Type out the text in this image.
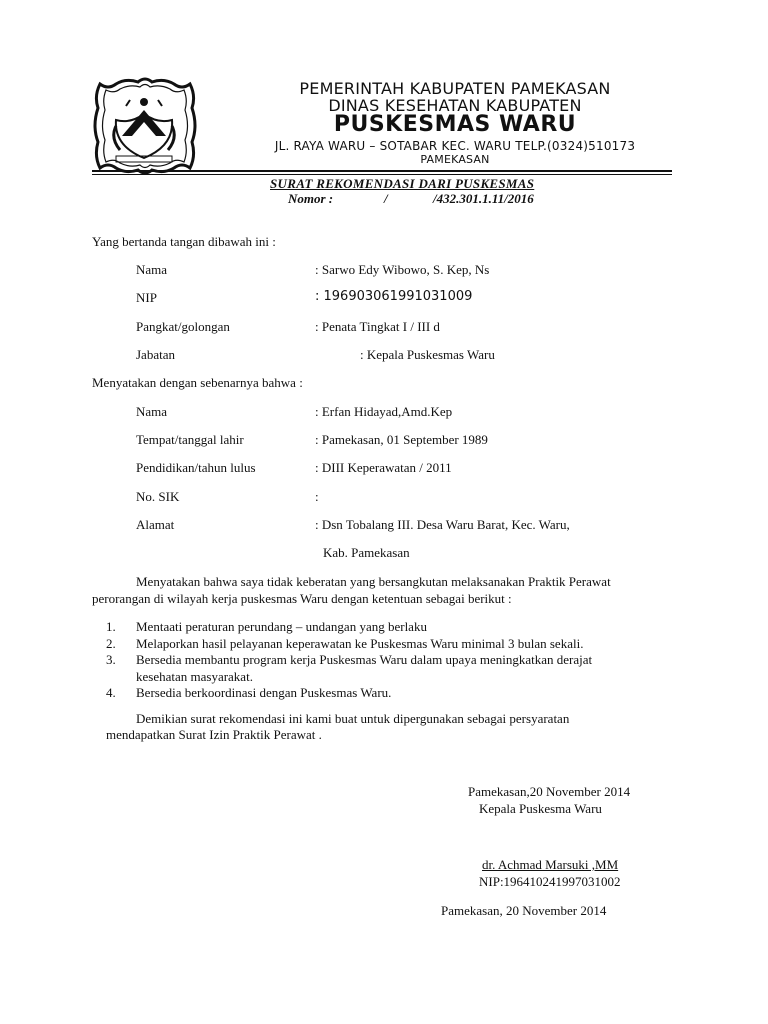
PEMERINTAH KABUPATEN PAMEKASAN
DINAS KESEHATAN KABUPATEN
PUSKESMAS WARU
JL. RAYA WARU – SOTABAR KEC. WARU TELP.(0324)510173
PAMEKASAN
SURAT REKOMENDASI DARI PUSKESMAS
Nomor :	/	/432.301.1.11/2016
Yang bertanda tangan dibawah ini :
Nama	: Sarwo Edy Wibowo, S. Kep, Ns
NIP	: 196903061991031009
Pangkat/golongan	: Penata Tingkat I / III d
Jabatan	: Kepala Puskesmas Waru
Menyatakan dengan sebenarnya bahwa :
Nama	: Erfan Hidayad,Amd.Kep
Tempat/tanggal lahir	: Pamekasan, 01 September 1989
Pendidikan/tahun lulus	: DIII Keperawatan / 2011
No. SIK	:
Alamat	: Dsn Tobalang III. Desa Waru Barat, Kec. Waru,
Kab. Pamekasan
Menyatakan bahwa saya tidak keberatan yang bersangkutan melaksanakan Praktik Perawat
perorangan di wilayah kerja puskesmas Waru dengan ketentuan sebagai berikut :
1. Mentaati peraturan perundang – undangan yang berlaku
2. Melaporkan hasil pelayanan keperawatan ke Puskesmas Waru minimal 3 bulan sekali.
3. Bersedia membantu program kerja Puskesmas Waru dalam upaya meningkatkan derajat
kesehatan masyarakat.
4. Bersedia berkoordinasi dengan Puskesmas Waru.
Demikian surat rekomendasi ini kami buat untuk dipergunakan sebagai persyaratan
mendapatkan Surat Izin Praktik Perawat .
Pamekasan,20 November 2014
Kepala Puskesma Waru
dr. Achmad Marsuki ,MM
NIP:196410241997031002
Pamekasan, 20 November 2014
